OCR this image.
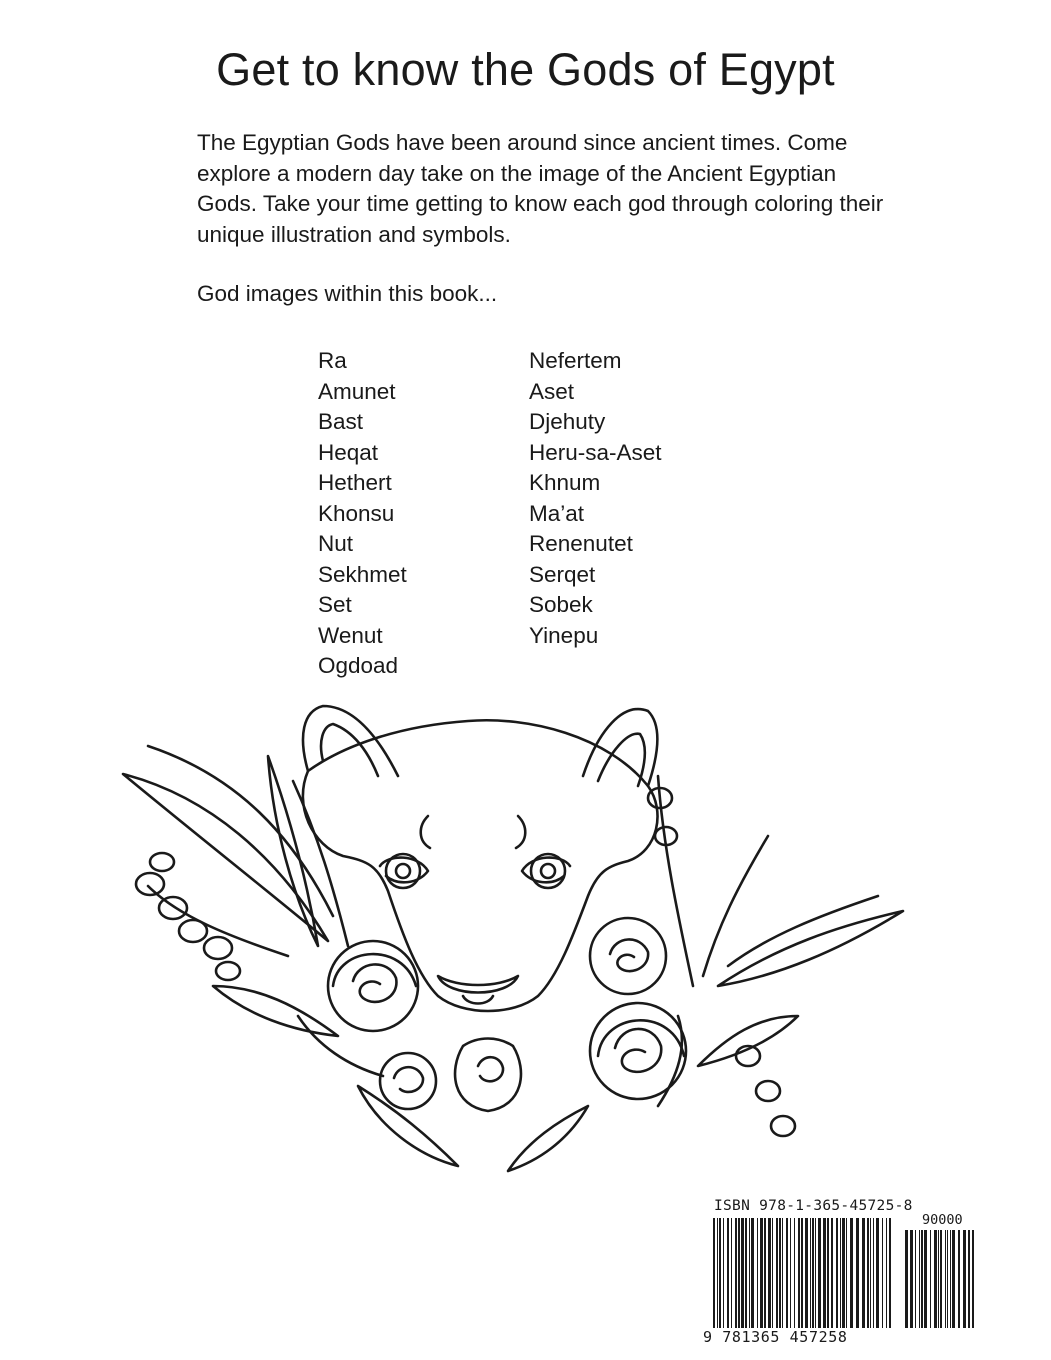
Get to know the Gods of Egypt

The Egyptian Gods have been around since ancient times. Come explore a modern day take on the image of the Ancient Egyptian Gods. Take your time getting to know each god through coloring their unique illustration and symbols.

God images within this book...

Ra
Amunet
Bast
Heqat
Hethert
Khonsu
Nut
Sekhmet
Set
Wenut
Ogdoad
Nefertem
Aset
Djehuty
Heru-sa-Aset
Khnum
Ma’at
Renenutet
Serqet
Sobek
Yinepu
ISBN 978-1-365-45725-8
90000
9 781365 457258
